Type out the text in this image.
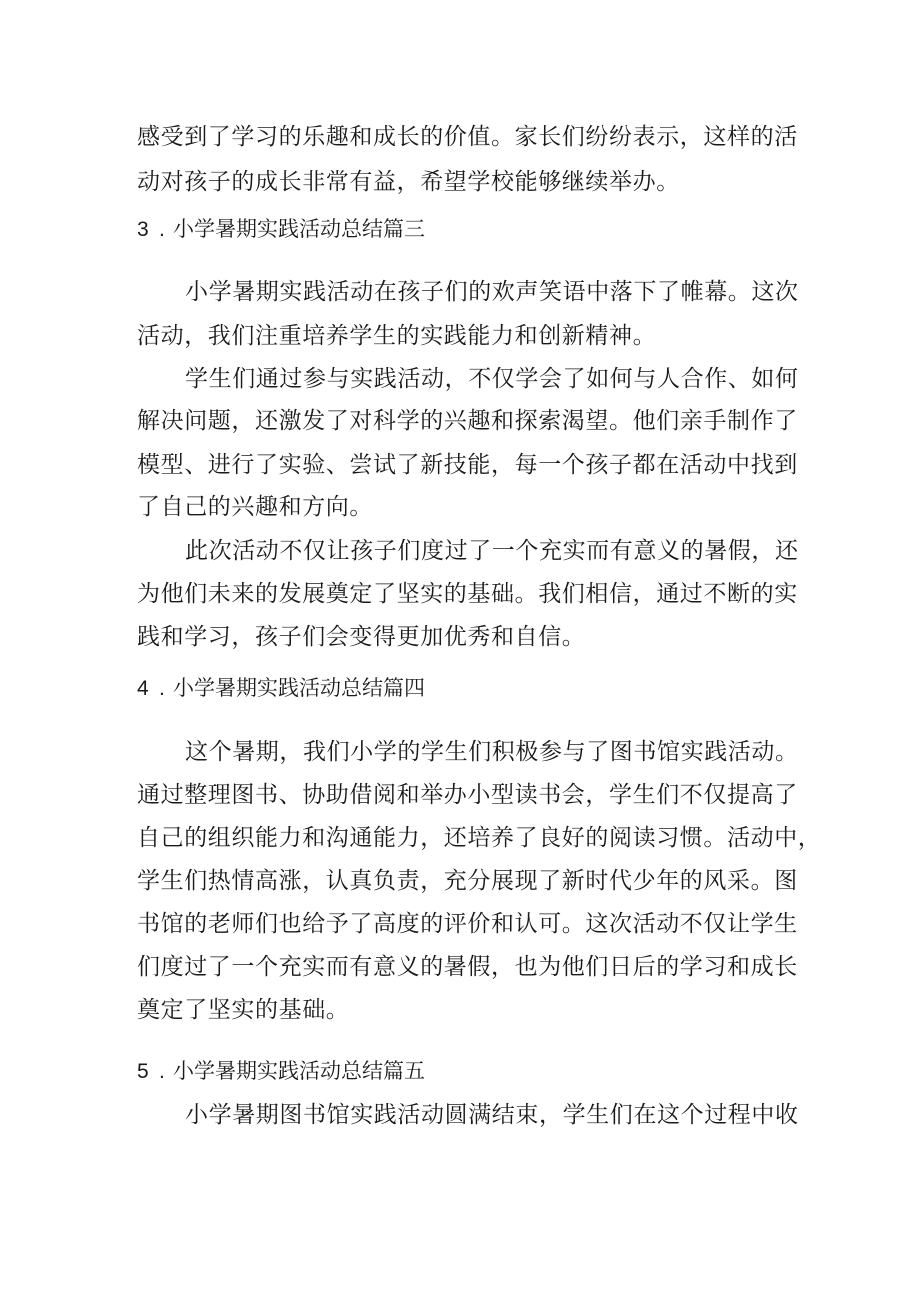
感受到了学习的乐趣和成长的价值。家长们纷纷表示，这样的活
动对孩子的成长非常有益，希望学校能够继续举办。
3 . 小学暑期实践活动总结篇三
小学暑期实践活动在孩子们的欢声笑语中落下了帷幕。这次
活动，我们注重培养学生的实践能力和创新精神。
学生们通过参与实践活动，不仅学会了如何与人合作、如何
解决问题，还激发了对科学的兴趣和探索渴望。他们亲手制作了
模型、进行了实验、尝试了新技能，每一个孩子都在活动中找到
了自己的兴趣和方向。
此次活动不仅让孩子们度过了一个充实而有意义的暑假，还
为他们未来的发展奠定了坚实的基础。我们相信，通过不断的实
践和学习，孩子们会变得更加优秀和自信。
4 . 小学暑期实践活动总结篇四
这个暑期，我们小学的学生们积极参与了图书馆实践活动。
通过整理图书、协助借阅和举办小型读书会，学生们不仅提高了
自己的组织能力和沟通能力，还培养了良好的阅读习惯。活动中，
学生们热情高涨，认真负责，充分展现了新时代少年的风采。图
书馆的老师们也给予了高度的评价和认可。这次活动不仅让学生
们度过了一个充实而有意义的暑假，也为他们日后的学习和成长
奠定了坚实的基础。
5 . 小学暑期实践活动总结篇五
小学暑期图书馆实践活动圆满结束，学生们在这个过程中收
